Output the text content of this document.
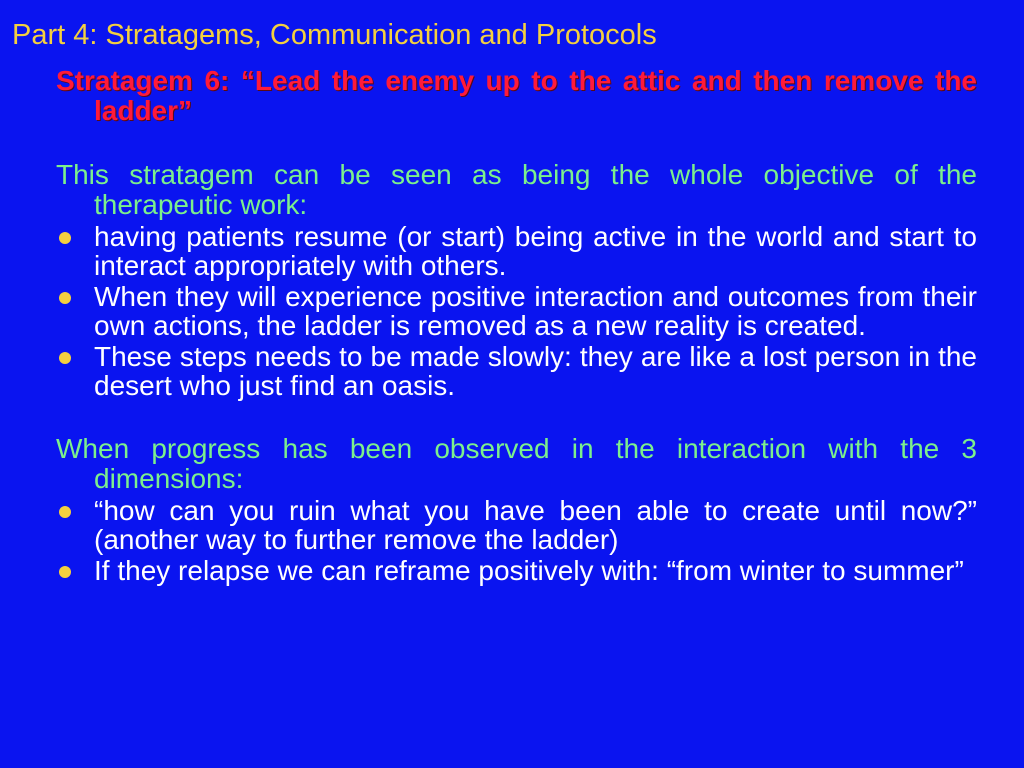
Part 4: Stratagems, Communication and Protocols
Stratagem 6: “Lead the enemy up to the attic and then remove the ladder”
This stratagem can be seen as being the whole objective of the therapeutic work:
having patients resume (or start) being active in the world and start to interact appropriately with others.
When they will experience positive interaction and outcomes from their own actions, the ladder is removed as a new reality is created.
These steps needs to be made slowly: they are like a lost person in the desert who just find an oasis.
When progress has been observed in the interaction with the 3 dimensions:
“how can you ruin what you have been able to create until now?” (another way to further remove the ladder)
If they relapse we can reframe positively with: “from winter to summer”
